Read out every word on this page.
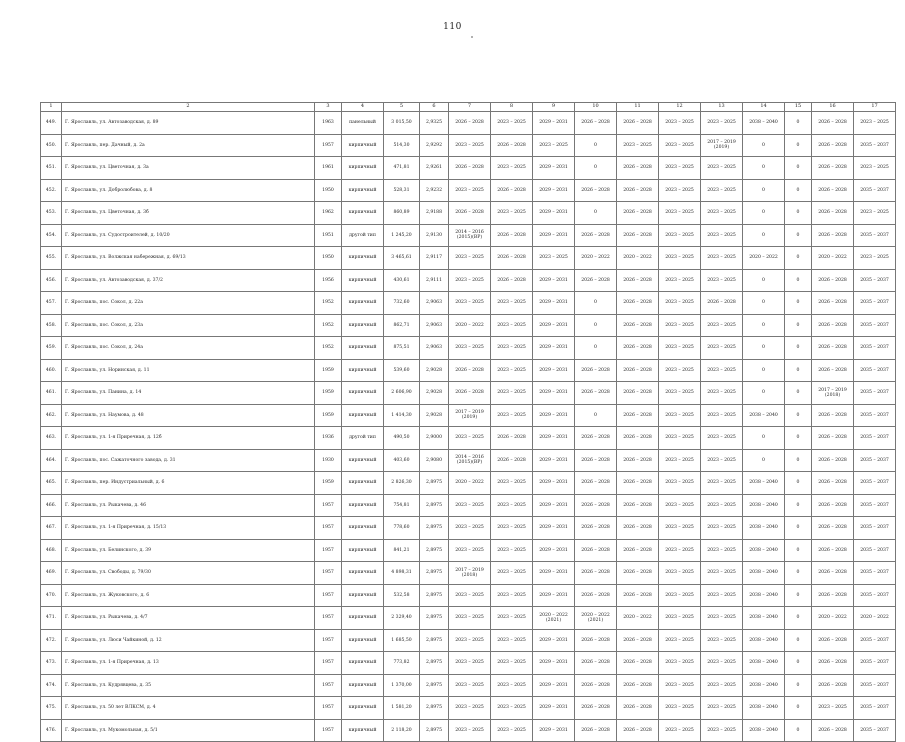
110
1	2	3	4	5	6	7	8	9	10	11	12	13	14	15	16	17
449.	Г. Ярославль, ул. Автозаводская, д. 89	1963	панельный	3 015,50	2,9325	2026 – 2028	2023 – 2025	2029 – 2031	2026 – 2028	2026 – 2028	2023 – 2025	2023 – 2025	2038 – 2040	0	2026 – 2028	2023 – 2025
450.	Г. Ярославль, пер. Дачный, д. 2а	1957	кирпичный	514,30	2,9292	2023 – 2025	2026 – 2028	2023 – 2025	0	2023 – 2025	2023 – 2025	2017 – 2019
(2019)	0	0	2026 – 2028	2035 – 2037
451.	Г. Ярославль, ул. Цветочная, д. 3а	1961	кирпичный	471,81	2,9261	2026 – 2028	2023 – 2025	2029 – 2031	0	2026 – 2028	2023 – 2025	2023 – 2025	0	0	2026 – 2028	2023 – 2025
452.	Г. Ярославль, ул. Добролюбова, д. 8	1950	кирпичный	528,31	2,9232	2023 – 2025	2026 – 2028	2029 – 2031	2026 – 2028	2026 – 2028	2023 – 2025	2023 – 2025	0	0	2026 – 2028	2035 – 2037
453.	Г. Ярославль, ул. Цветочная, д. 3б	1962	кирпичный	860,89	2,9188	2026 – 2028	2023 – 2025	2029 – 2031	0	2026 – 2028	2023 – 2025	2023 – 2025	0	0	2026 – 2028	2023 – 2025
454.	Г. Ярославль, ул. Судостроителей, д. 10/20	1951	другой тип	1 245,20	2,9130	2014 – 2016
(2015)(ВР)	2026 – 2028	2029 – 2031	2026 – 2028	2026 – 2028	2023 – 2025	2023 – 2025	0	0	2026 – 2028	2035 – 2037
455.	Г. Ярославль, ул. Волжская набережная, д. 69/13	1950	кирпичный	3 465,61	2,9117	2023 – 2025	2026 – 2028	2023 – 2025	2020 – 2022	2020 – 2022	2023 – 2025	2023 – 2025	2020 – 2022	0	2020 – 2022	2023 – 2025
456.	Г. Ярославль, ул. Автозаводская, д. 37/2	1956	кирпичный	430,61	2,9111	2023 – 2025	2026 – 2028	2029 – 2031	2026 – 2028	2026 – 2028	2023 – 2025	2023 – 2025	0	0	2026 – 2028	2035 – 2037
457.	Г. Ярославль, пос. Сокол, д. 22а	1952	кирпичный	732,60	2,9063	2023 – 2025	2023 – 2025	2029 – 2031	0	2026 – 2028	2023 – 2025	2026 – 2028	0	0	2026 – 2028	2035 – 2037
458.	Г. Ярославль, пос. Сокол, д. 23а	1952	кирпичный	862,71	2,9063	2020 – 2022	2023 – 2025	2029 – 2031	0	2026 – 2028	2023 – 2025	2023 – 2025	0	0	2026 – 2028	2035 – 2037
459.	Г. Ярославль, пос. Сокол, д. 24а	1952	кирпичный	875,51	2,9063	2023 – 2025	2023 – 2025	2029 – 2031	0	2026 – 2028	2023 – 2025	2023 – 2025	0	0	2026 – 2028	2035 – 2037
460.	Г. Ярославль, ул. Норинская, д. 11	1959	кирпичный	539,60	2,9028	2026 – 2028	2023 – 2025	2029 – 2031	2026 – 2028	2026 – 2028	2023 – 2025	2023 – 2025	0	0	2026 – 2028	2035 – 2037
461.	Г. Ярославль, ул. Панина, д. 14	1959	кирпичный	2 606,90	2,9028	2026 – 2028	2023 – 2025	2029 – 2031	2026 – 2028	2026 – 2028	2023 – 2025	2023 – 2025	0	0	2017 – 2019
(2018)	2035 – 2037
462.	Г. Ярославль, ул. Наумова, д. 48	1959	кирпичный	1 414,30	2,9028	2017 – 2019
(2019)	2023 – 2025	2029 – 2031	0	2026 – 2028	2023 – 2025	2023 – 2025	2038 – 2040	0	2026 – 2028	2035 – 2037
463.	Г. Ярославль, ул. 1-я Приречная, д. 12б	1936	другой тип	490,50	2,9000	2023 – 2025	2026 – 2028	2029 – 2031	2026 – 2028	2026 – 2028	2023 – 2025	2023 – 2025	0	0	2026 – 2028	2035 – 2037
464.	Г. Ярославль, пос. Сажаточного завода, д. 31	1930	кирпичный	403,60	2,9080	2014 – 2016
(2015)(ВР)	2026 – 2028	2029 – 2031	2026 – 2028	2026 – 2028	2023 – 2025	2023 – 2025	0	0	2026 – 2028	2035 – 2037
465.	Г. Ярославль, пер. Индустриальный, д. 6	1959	кирпичный	2 826,30	2,8975	2020 – 2022	2023 – 2025	2029 – 2031	2026 – 2028	2026 – 2028	2023 – 2025	2023 – 2025	2038 – 2040	0	2026 – 2028	2035 – 2037
466.	Г. Ярославль, ул. Рыкачева, д. 46	1957	кирпичный	754,81	2,8975	2023 – 2025	2023 – 2025	2029 – 2031	2026 – 2028	2026 – 2028	2023 – 2025	2023 – 2025	2038 – 2040	0	2026 – 2028	2035 – 2037
467.	Г. Ярославль, ул. 1-я Приречная, д. 15/13	1957	кирпичный	778,60	2,8975	2023 – 2025	2023 – 2025	2029 – 2031	2026 – 2028	2026 – 2028	2023 – 2025	2023 – 2025	2038 – 2040	0	2026 – 2028	2035 – 2037
468.	Г. Ярославль, ул. Белинского, д. 39	1957	кирпичный	841,21	2,8975	2023 – 2025	2023 – 2025	2029 – 2031	2026 – 2028	2026 – 2028	2023 – 2025	2023 – 2025	2038 – 2040	0	2026 – 2028	2035 – 2037
469.	Г. Ярославль, ул. Свободы, д. 79/30	1957	кирпичный	4 898,31	2,8975	2017 – 2019
(2018)	2023 – 2025	2029 – 2031	2026 – 2028	2026 – 2028	2023 – 2025	2023 – 2025	2038 – 2040	0	2026 – 2028	2035 – 2037
470.	Г. Ярославль, ул. Жуковского, д. 6	1957	кирпичный	532,58	2,8975	2023 – 2025	2023 – 2025	2029 – 2031	2026 – 2028	2026 – 2028	2023 – 2025	2023 – 2025	2038 – 2040	0	2026 – 2028	2035 – 2037
471.	Г. Ярославль, ул. Рыкачева, д. 4/7	1957	кирпичный	2 329,40	2,8975	2023 – 2025	2023 – 2025	2020 – 2022
(2021)	2020 – 2022
(2021)	2020 – 2022	2023 – 2025	2023 – 2025	2038 – 2040	0	2020 – 2022	2020 – 2022
472.	Г. Ярославль, ул. Люси Чайкиной, д. 12	1957	кирпичный	1 685,50	2,8975	2023 – 2025	2023 – 2025	2029 – 2031	2026 – 2028	2026 – 2028	2023 – 2025	2023 – 2025	2038 – 2040	0	2026 – 2028	2035 – 2037
473.	Г. Ярославль, ул. 1-я Приречная, д. 13	1957	кирпичный	773,82	2,8975	2023 – 2025	2023 – 2025	2029 – 2031	2026 – 2028	2026 – 2028	2023 – 2025	2023 – 2025	2038 – 2040	0	2026 – 2028	2035 – 2037
474.	Г. Ярославль, ул. Кудрявцева, д. 35	1957	кирпичный	1 370,00	2,8975	2023 – 2025	2023 – 2025	2029 – 2031	2026 – 2028	2026 – 2028	2023 – 2025	2023 – 2025	2038 – 2040	0	2026 – 2028	2035 – 2037
475.	Г. Ярославль, ул. 50 лет ВЛКСМ, д. 4	1957	кирпичный	1 581,20	2,8975	2023 – 2025	2023 – 2025	2029 – 2031	2026 – 2028	2026 – 2028	2023 – 2025	2023 – 2025	2038 – 2040	0	2023 – 2025	2035 – 2037
476.	Г. Ярославль, ул. Мукомольная, д. 5/1	1957	кирпичный	2 118,20	2,8975	2023 – 2025	2023 – 2025	2029 – 2031	2026 – 2028	2026 – 2028	2023 – 2025	2023 – 2025	2038 – 2040	0	2026 – 2028	2035 – 2037
